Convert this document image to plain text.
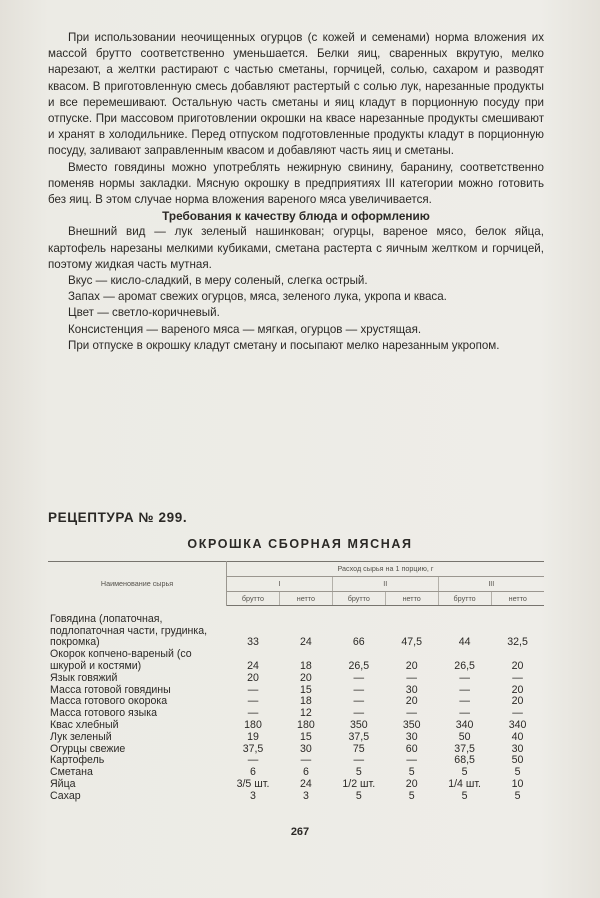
При использовании неочищенных огурцов (с кожей и семенами) норма вложения их массой брутто соответственно уменьшается. Белки яиц, сваренных вкрутую, мелко нарезают, а желтки растирают с частью сметаны, горчицей, солью, сахаром и разводят квасом. В приготовленную смесь добавляют растертый с солью лук, нарезанные продукты и все перемешивают. Остальную часть сметаны и яиц кладут в порционную посуду при отпуске. При массовом приготовлении окрошки на квасе нарезанные продукты смешивают и хранят в холодильнике. Перед отпуском подготовленные продукты кладут в порционную посуду, заливают заправленным квасом и добавляют часть яиц и сметаны.

Вместо говядины можно употреблять нежирную свинину, баранину, соответственно поменяв нормы закладки. Мясную окрошку в предприятиях III категории можно готовить без яиц. В этом случае норма вложения вареного мяса увеличивается.

Требования к качеству блюда и оформлению

Внешний вид — лук зеленый нашинкован; огурцы, вареное мясо, белок яйца, картофель нарезаны мелкими кубиками, сметана растерта с яичным желтком и горчицей, поэтому жидкая часть мутная.

Вкус — кисло-сладкий, в меру соленый, слегка острый.

Запах — аромат свежих огурцов, мяса, зеленого лука, укропа и кваса.

Цвет — светло-коричневый.

Консистенция — вареного мяса — мягкая, огурцов — хрустящая.

При отпуске в окрошку кладут сметану и посыпают мелко нарезанным укропом.

РЕЦЕПТУРА № 299.
ОКРОШКА СБОРНАЯ МЯСНАЯ
Наименование сырья	Расход сырья на 1 порцию, г					
	I		II		III	
	брутто	нетто	брутто	нетто	брутто	нетто
Говядина (лопаточная, подлопаточная части, грудинка, покромка)	33	24	66	47,5	44	32,5
Окорок копчено-вареный (со шкурой и костями)	24	18	26,5	20	26,5	20
Язык говяжий	20	20	—	—	—	—
Масса готовой говядины	—	15	—	30	—	20
Масса готового окорока	—	18	—	20	—	20
Масса готового языка	—	12	—	—	—	—
Квас хлебный	180	180	350	350	340	340
Лук зеленый	19	15	37,5	30	50	40
Огурцы свежие	37,5	30	75	60	37,5	30
Картофель	—	—	—	—	68,5	50
Сметана	6	6	5	5	5	5
Яйца	3/5 шт.	24	1/2 шт.	20	1/4 шт.	10
Сахар	3	3	5	5	5	5
267
